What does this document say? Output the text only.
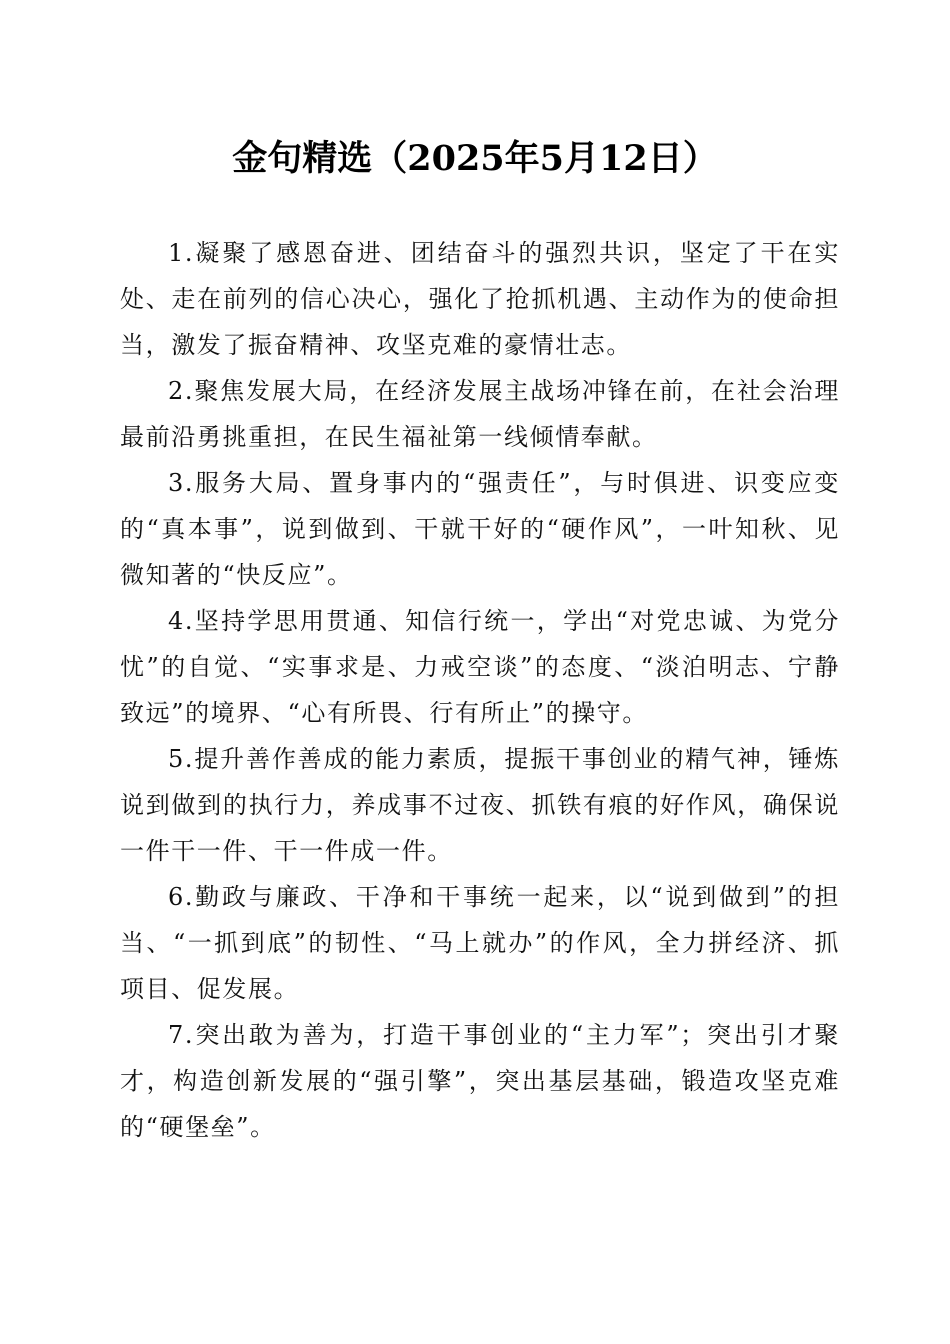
金句精选（2025年5月12日）

1.凝聚了感恩奋进、团结奋斗的强烈共识，坚定了干在实处、走在前列的信心决心，强化了抢抓机遇、主动作为的使命担当，激发了振奋精神、攻坚克难的豪情壮志。

2.聚焦发展大局，在经济发展主战场冲锋在前，在社会治理最前沿勇挑重担，在民生福祉第一线倾情奉献。

3.服务大局、置身事内的“强责任”，与时俱进、识变应变的“真本事”，说到做到、干就干好的“硬作风”，一叶知秋、见微知著的“快反应”。

4.坚持学思用贯通、知信行统一，学出“对党忠诚、为党分忧”的自觉、“实事求是、力戒空谈”的态度、“淡泊明志、宁静致远”的境界、“心有所畏、行有所止”的操守。

5.提升善作善成的能力素质，提振干事创业的精气神，锤炼说到做到的执行力，养成事不过夜、抓铁有痕的好作风，确保说一件干一件、干一件成一件。

6.勤政与廉政、干净和干事统一起来，以“说到做到”的担当、“一抓到底”的韧性、“马上就办”的作风，全力拼经济、抓项目、促发展。

7.突出敢为善为，打造干事创业的“主力军”；突出引才聚才，构造创新发展的“强引擎”，突出基层基础，锻造攻坚克难的“硬堡垒”。
